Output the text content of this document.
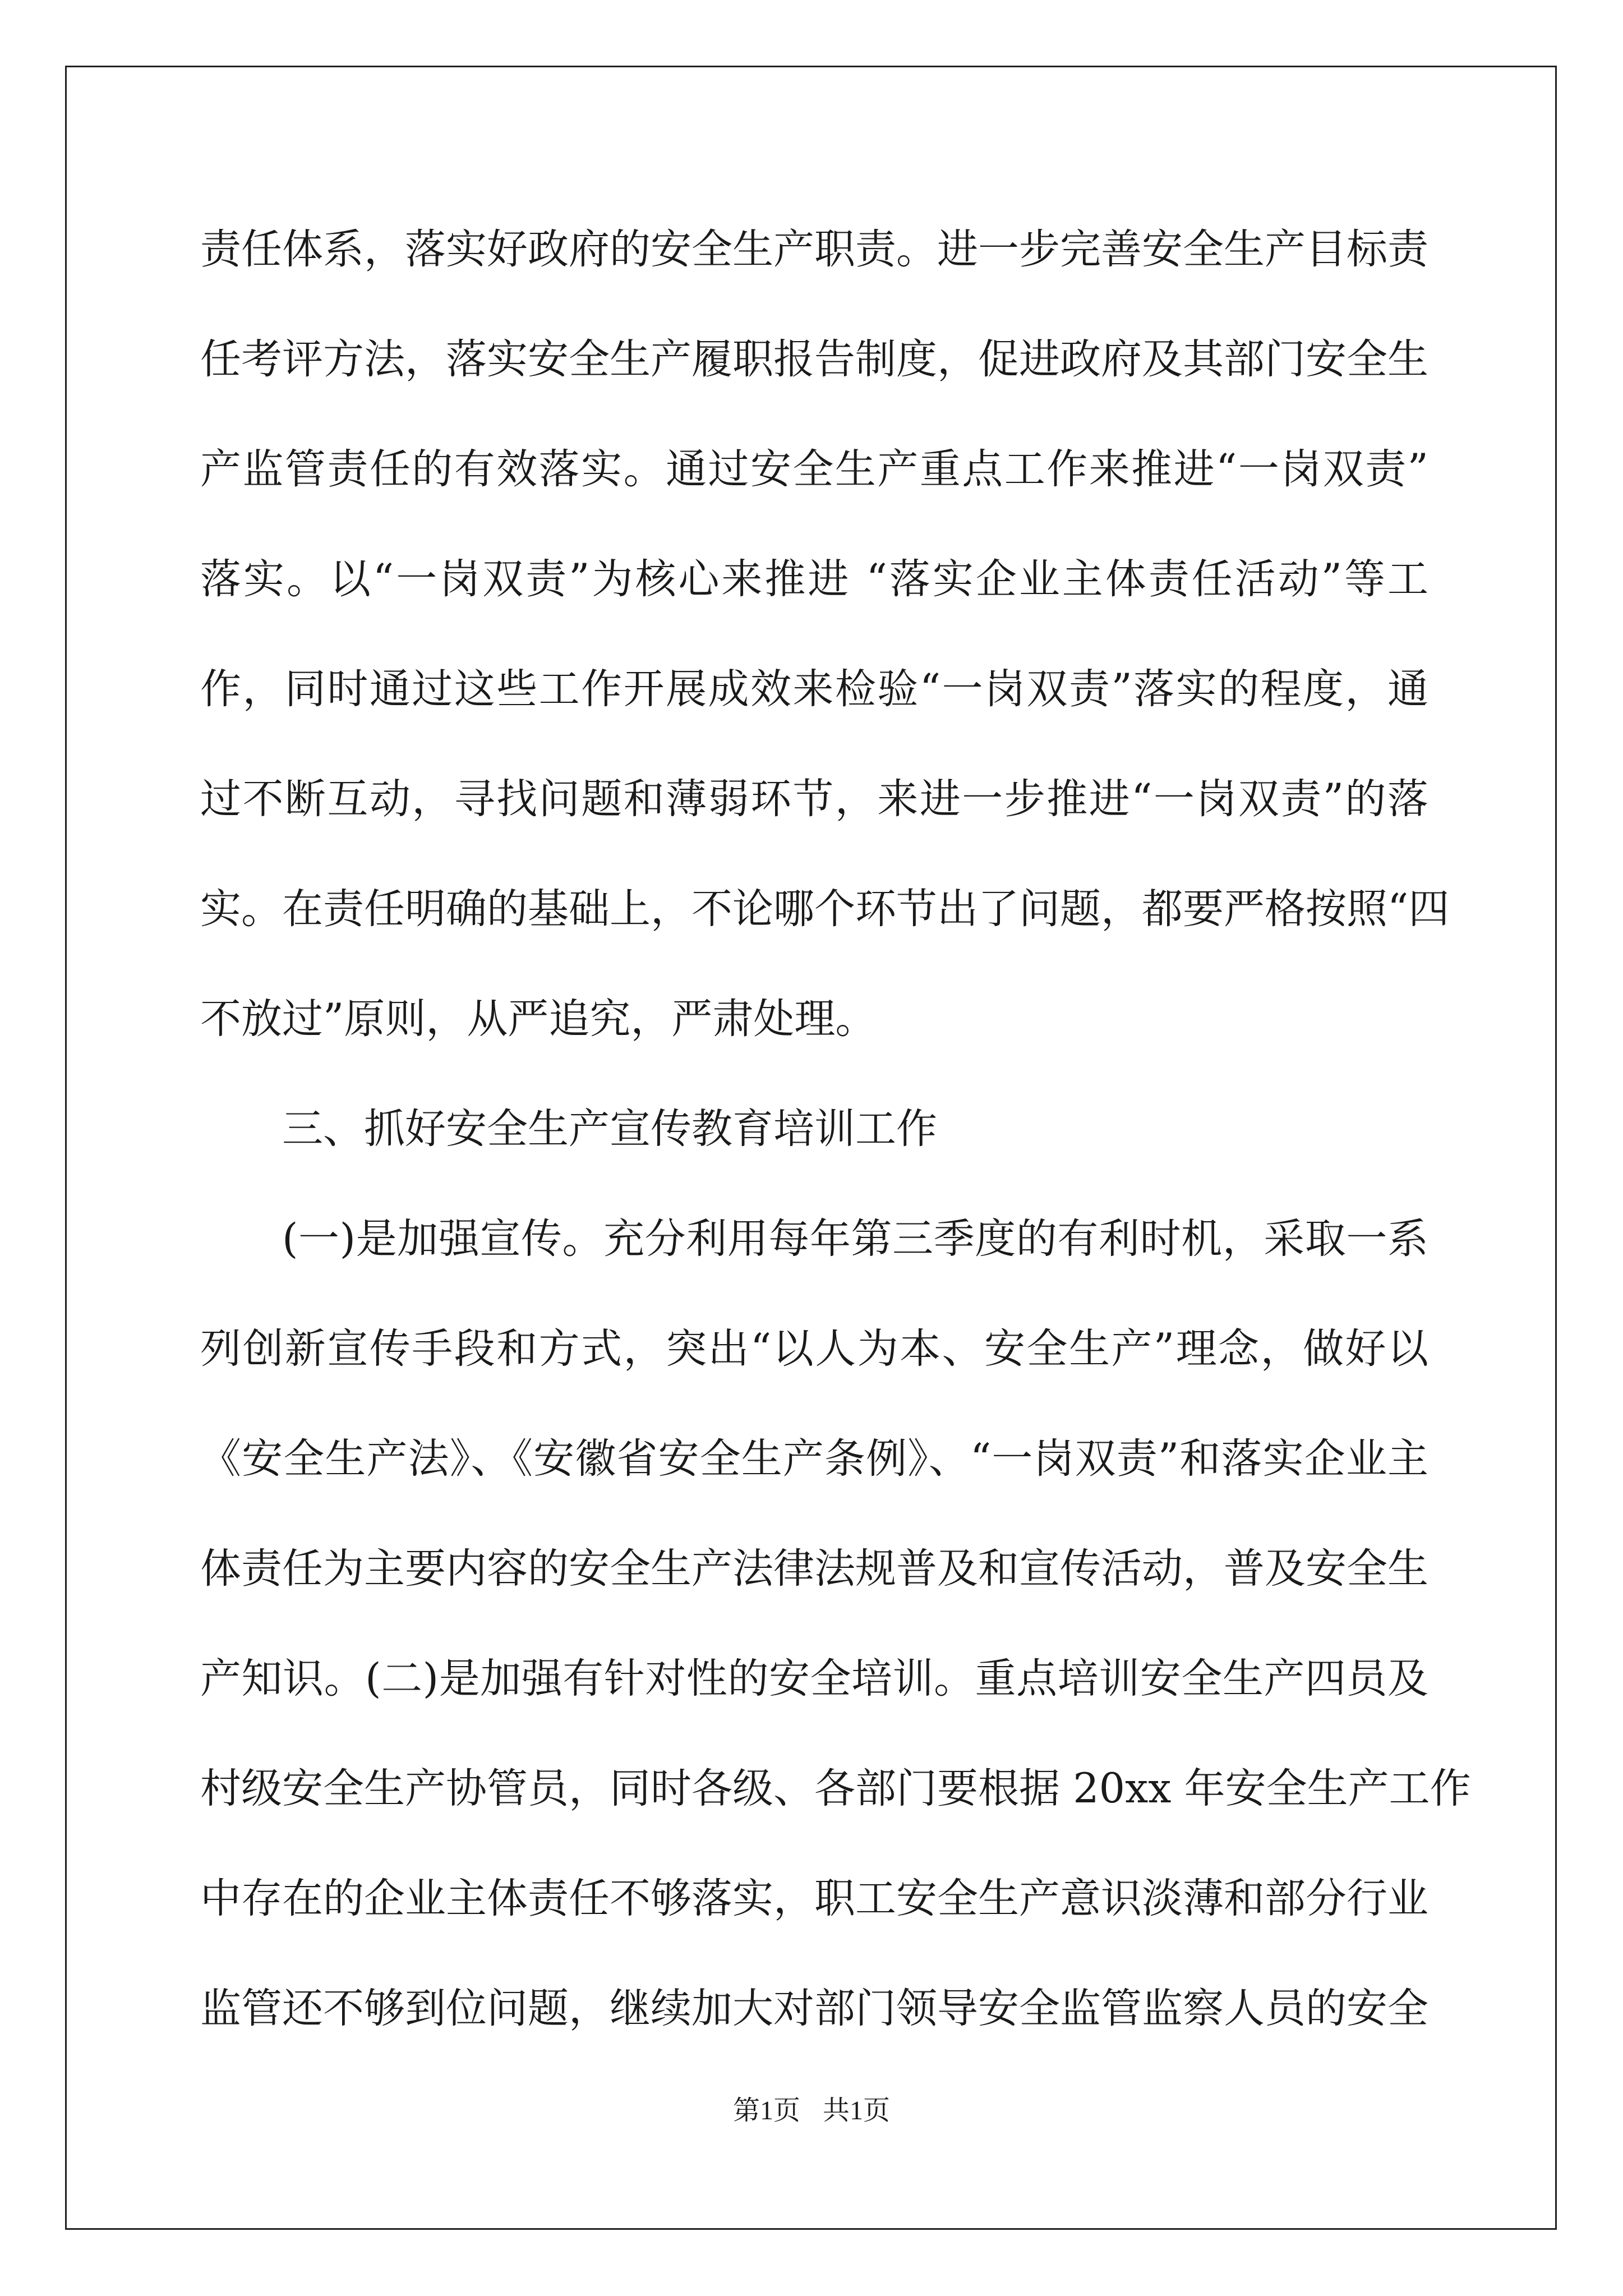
责任体系，落实好政府的安全生产职责。进一步完善安全生产目标责
任考评方法，落实安全生产履职报告制度，促进政府及其部门安全生
产监管责任的有效落实。通过安全生产重点工作来推进“一岗双责”
落实。以“一岗双责”为核心来推进 “落实企业主体责任活动”等工
作，同时通过这些工作开展成效来检验“一岗双责”落实的程度，通
过不断互动，寻找问题和薄弱环节，来进一步推进“一岗双责”的落
实。在责任明确的基础上，不论哪个环节出了问题，都要严格按照“四
不放过”原则，从严追究，严肃处理。
三、抓好安全生产宣传教育培训工作
(一)是加强宣传。充分利用每年第三季度的有利时机，采取一系
列创新宣传手段和方式，突出“以人为本、安全生产”理念，做好以
《安全生产法》、《安徽省安全生产条例》、“一岗双责”和落实企业主
体责任为主要内容的安全生产法律法规普及和宣传活动，普及安全生
产知识。(二)是加强有针对性的安全培训。重点培训安全生产四员及
村级安全生产协管员，同时各级、各部门要根据 20xx 年安全生产工作
中存在的企业主体责任不够落实，职工安全生产意识淡薄和部分行业
监管还不够到位问题，继续加大对部门领导安全监管监察人员的安全
第1页 共1页
